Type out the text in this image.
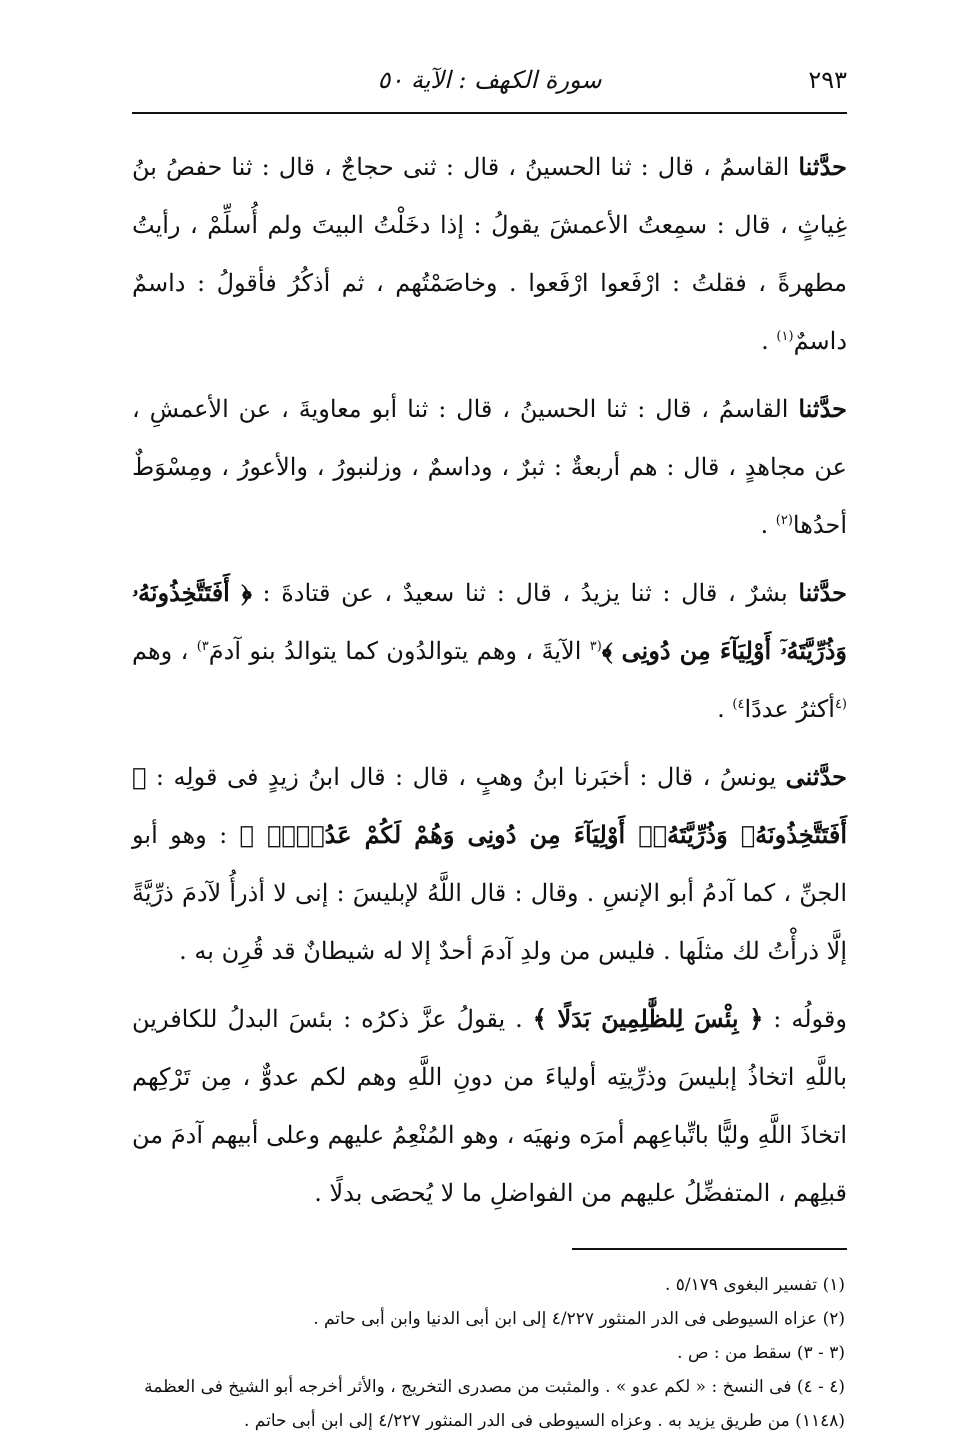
٢٩٣
سورة الكهف : الآية ٥٠

حدَّثنا القاسمُ ، قال : ثنا الحسينُ ، قال : ثنى حجاجٌ ، قال : ثنا حفصُ بنُ غِياثٍ ، قال : سمِعتُ الأعمشَ يقولُ : إذا دخَلْتُ البيتَ ولم أُسلِّمْ ، رأيتُ مطهرةً ، فقلتُ : ارْفَعوا ارْفَعوا . وخاصَمْتُهم ، ثم أذكُرُ فأقولُ : داسمٌ داسمٌ$^{(١)}$ .

حدَّثنا القاسمُ ، قال : ثنا الحسينُ ، قال : ثنا أبو معاويةَ ، عن الأعمشِ ، عن مجاهدٍ ، قال : هم أربعةٌ : ثبرٌ ، وداسمٌ ، وزلنبورُ ، والأعورُ ، ومِسْوَطٌ أحدُها$^{(٢)}$ .

حدَّثنا بشرٌ ، قال : ثنا يزيدُ ، قال : ثنا سعيدٌ ، عن قتادةَ : ﴿ أَفَتَتَّخِذُونَهُۥ وَذُرِّيَّتَهُۥٓ أَوْلِيَآءَ مِن دُونِى ﴾$^{(٣}$ الآيةَ ، وهم يتوالدُون كما يتوالدُ بنو آدمَ$^{٣)}$ ، وهم $^{(٤}$أكثرُ عددًا$^{٤)}$ .

حدَّثنى يونسُ ، قال : أخبَرنا ابنُ وهبٍ ، قال : قال ابنُ زيدٍ فى قولِه : ﴿ أَفَتَتَّخِذُونَهُۥ وَذُرِّيَّتَهُۥٓ أَوْلِيَآءَ مِن دُونِى وَهُمْ لَكُمْ عَدُوٌّۢ ﴾ : وهو أبو الجنِّ ، كما آدمُ أبو الإنسِ . وقال : قال اللَّهُ لإبليسَ : إنى لا أذرأُ لآدمَ ذرِّيَّةً إلَّا ذرأْتُ لك مثلَها . فليس من ولدِ آدمَ أحدٌ إلا له شيطانٌ قد قُرِن به .

وقولُه : ﴿ بِئْسَ لِلظَّٰلِمِينَ بَدَلًا ﴾ . يقولُ عزَّ ذكرُه : بئسَ البدلُ للكافرين باللَّهِ اتخاذُ إبليسَ وذرِّيتِه أولياءَ من دونِ اللَّهِ وهم لكم عدوٌّ ، مِن تَرْكِهم اتخاذَ اللَّهِ وليًّا باتِّباعِهم أمرَه ونهيَه ، وهو المُنْعِمُ عليهم وعلى أبيهم آدمَ من قبلِهم ، المتفضِّلُ عليهم من الفواضلِ ما لا يُحصَى بدلًا .

(١) تفسير البغوى ٥/١٧٩ .

(٢) عزاه السيوطى فى الدر المنثور ٤/٢٢٧ إلى ابن أبى الدنيا وابن أبى حاتم .

(٣ - ٣) سقط من : ص .

(٤ - ٤) فى النسخ : « لكم عدو » . والمثبت من مصدرى التخريج ، والأثر أخرجه أبو الشيخ فى العظمة (١١٤٨) من طريق يزيد به . وعزاه السيوطى فى الدر المنثور ٤/٢٢٧ إلى ابن أبى حاتم .
